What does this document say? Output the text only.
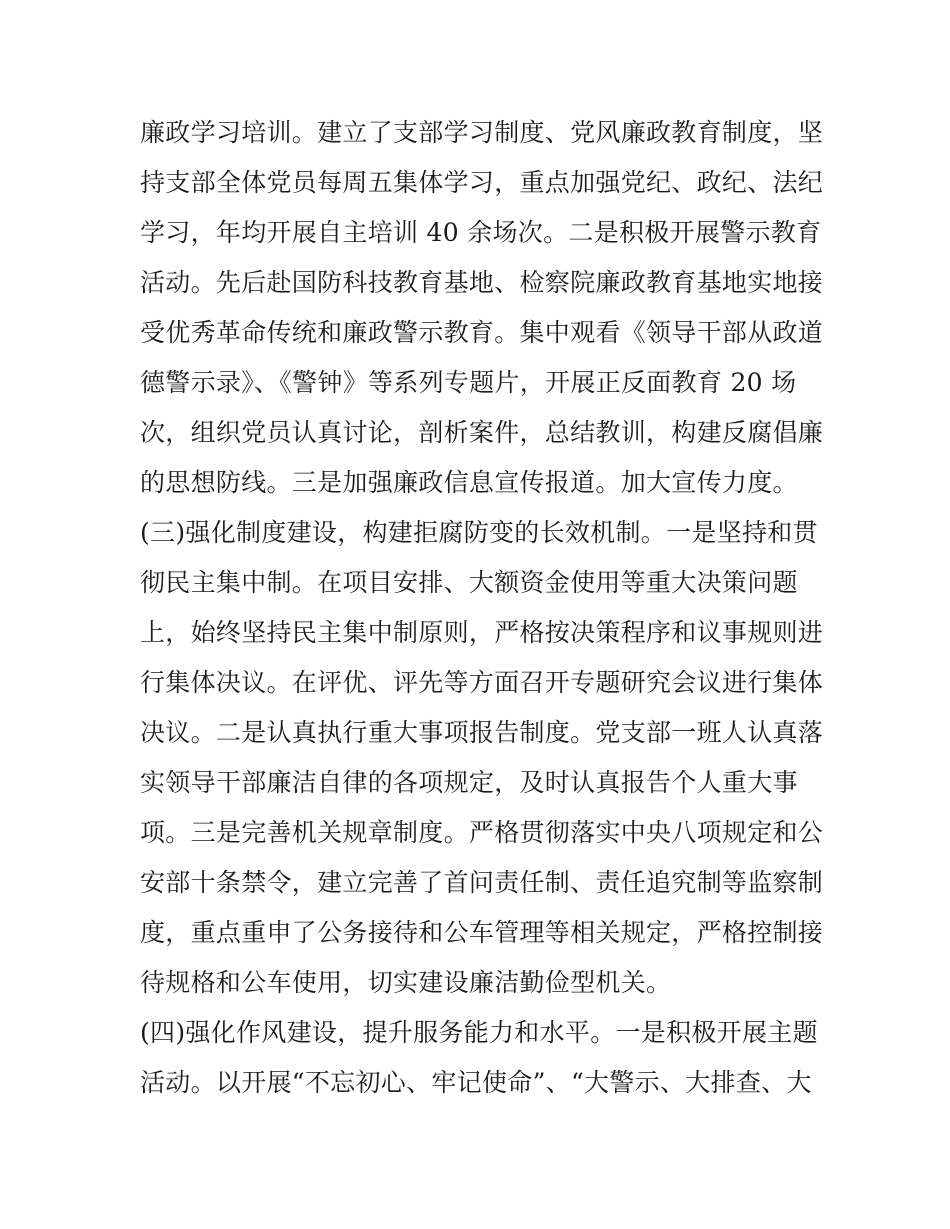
廉政学习培训。建立了支部学习制度、党风廉政教育制度，坚
持支部全体党员每周五集体学习，重点加强党纪、政纪、法纪
学习，年均开展自主培训 40 余场次。二是积极开展警示教育
活动。先后赴国防科技教育基地、检察院廉政教育基地实地接
受优秀革命传统和廉政警示教育。集中观看《领导干部从政道
德警示录》、《警钟》等系列专题片，开展正反面教育 20 场
次，组织党员认真讨论，剖析案件，总结教训，构建反腐倡廉
的思想防线。三是加强廉政信息宣传报道。加大宣传力度。
(三)强化制度建设，构建拒腐防变的长效机制。一是坚持和贯
彻民主集中制。在项目安排、大额资金使用等重大决策问题
上，始终坚持民主集中制原则，严格按决策程序和议事规则进
行集体决议。在评优、评先等方面召开专题研究会议进行集体
决议。二是认真执行重大事项报告制度。党支部一班人认真落
实领导干部廉洁自律的各项规定，及时认真报告个人重大事
项。三是完善机关规章制度。严格贯彻落实中央八项规定和公
安部十条禁令，建立完善了首问责任制、责任追究制等监察制
度，重点重申了公务接待和公车管理等相关规定，严格控制接
待规格和公车使用，切实建设廉洁勤俭型机关。
(四)强化作风建设，提升服务能力和水平。一是积极开展主题
活动。以开展“不忘初心、牢记使命”、“大警示、大排查、大
